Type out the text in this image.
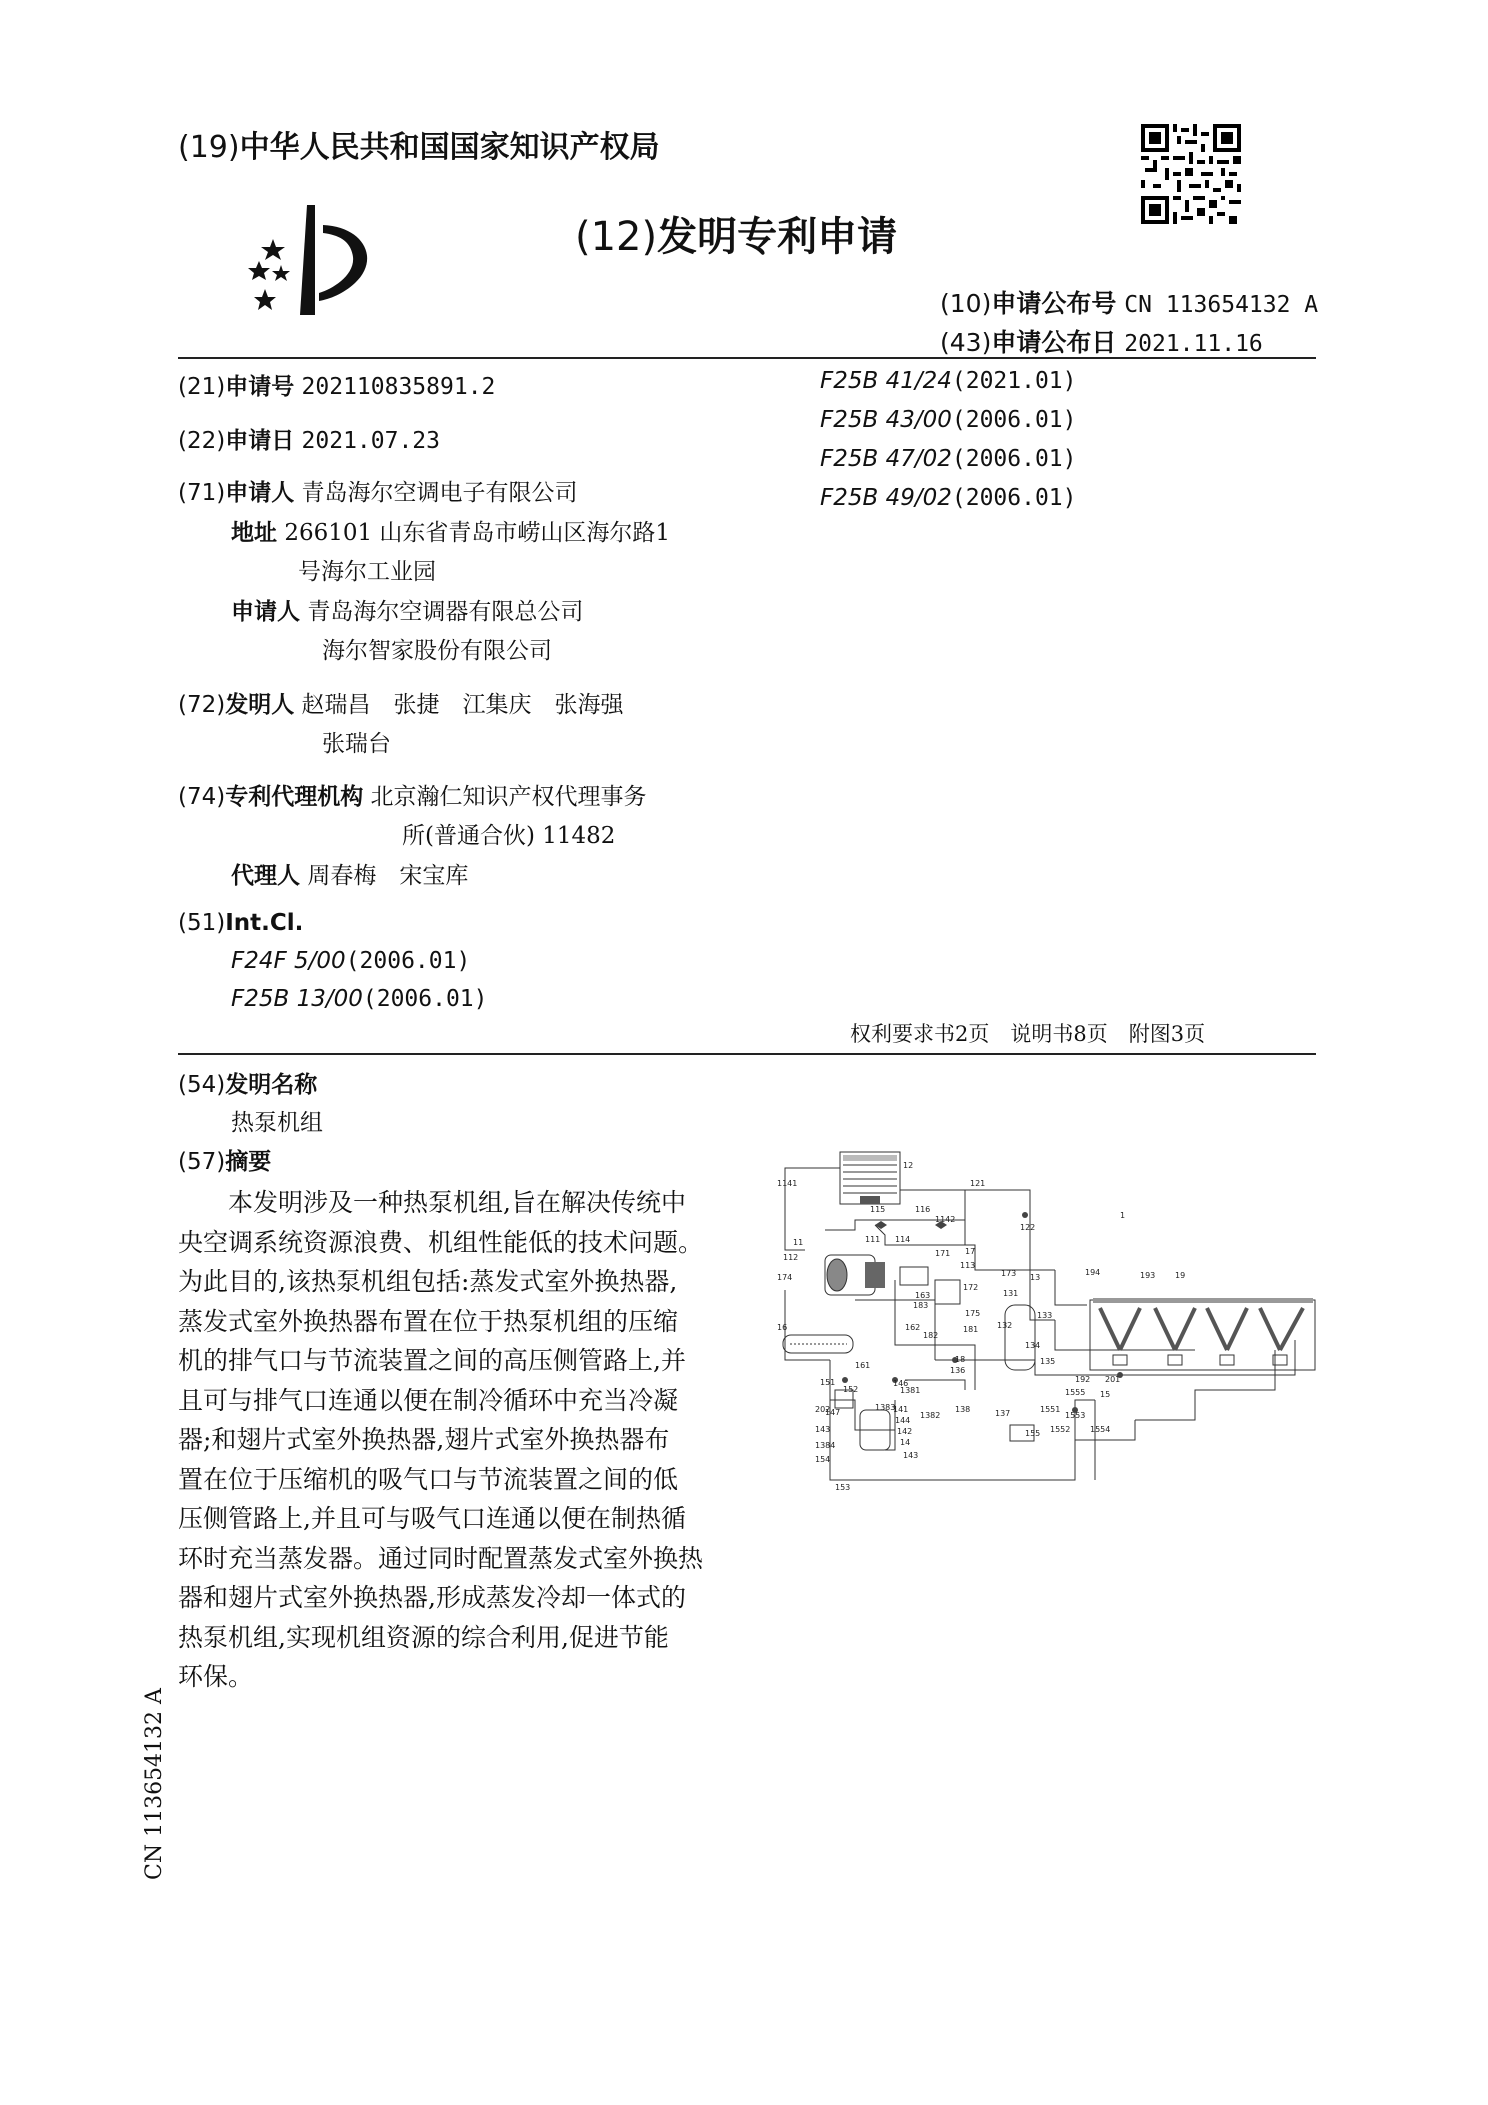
(19)中华人民共和国国家知识产权局
(12)发明专利申请
(10)申请公布号 CN 113654132 A
(43)申请公布日 2021.11.16
(21)申请号 202110835891.2
(22)申请日 2021.07.23
(71)申请人 青岛海尔空调电子有限公司
地址 266101 山东省青岛市崂山区海尔路1
号海尔工业园
申请人 青岛海尔空调器有限总公司
海尔智家股份有限公司
(72)发明人 赵瑞昌　张捷　江集庆　张海强
张瑞台
(74)专利代理机构 北京瀚仁知识产权代理事务
所(普通合伙) 11482
代理人 周春梅　宋宝库
(51)Int.Cl.
F24F 5/00(2006.01)
F25B 13/00(2006.01)
F25B 41/24(2021.01)
F25B 43/00(2006.01)
F25B 47/02(2006.01)
F25B 49/02(2006.01)
权利要求书2页　说明书8页　附图3页
(54)发明名称
热泵机组
(57)摘要
　　本发明涉及一种热泵机组,旨在解决传统中
央空调系统资源浪费、机组性能低的技术问题。
为此目的,该热泵机组包括:蒸发式室外换热器,
蒸发式室外换热器布置在位于热泵机组的压缩
机的排气口与节流装置之间的高压侧管路上,并
且可与排气口连通以便在制冷循环中充当冷凝
器;和翅片式室外换热器,翅片式室外换热器布
置在位于压缩机的吸气口与节流装置之间的低
压侧管路上,并且可与吸气口连通以便在制热循
环时充当蒸发器。通过同时配置蒸发式室外换热
器和翅片式室外换热器,形成蒸发冷却一体式的
热泵机组,实现机组资源的综合利用,促进节能
环保。
CN 113654132 A
12
121
1141
115	116
1142	1
111 114
122
11
112	171 17
174
113
172
173 13
194	193 19
183
163	131
175
16	162
182
181 132
133
18
134
135
161
136
192 201
151
152
146
1381
202
1555 15
147
1383
141
1382
138	137	1551
1553
143
144
142	155 1552 1554
1384	14
154	143
153
